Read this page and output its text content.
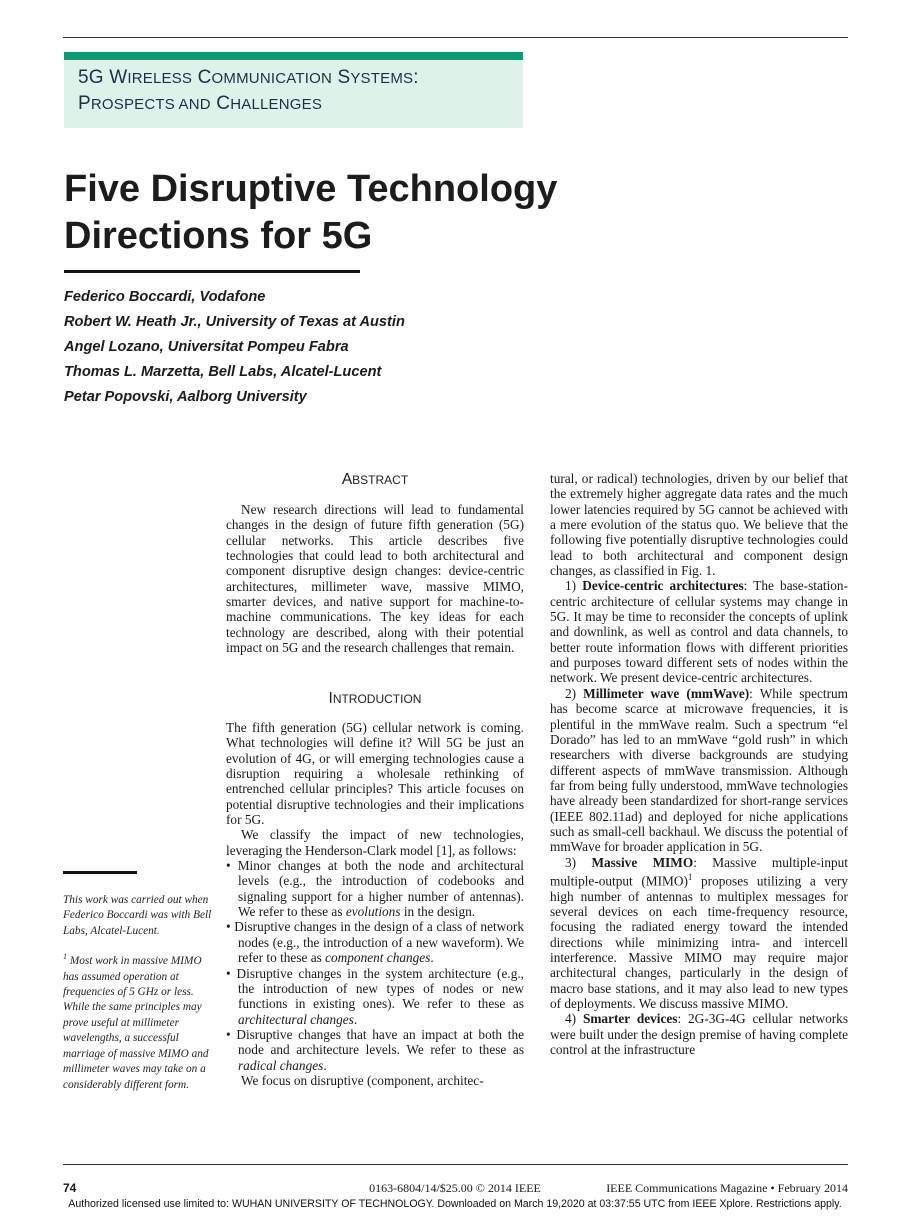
5G WIRELESS COMMUNICATION SYSTEMS:
PROSPECTS AND CHALLENGES
Five Disruptive Technology
Directions for 5G
Federico Boccardi, Vodafone
Robert W. Heath Jr., University of Texas at Austin
Angel Lozano, Universitat Pompeu Fabra
Thomas L. Marzetta, Bell Labs, Alcatel-Lucent
Petar Popovski, Aalborg University
ABSTRACT

New research directions will lead to fundamental changes in the design of future fifth generation (5G) cellular networks. This article describes five technologies that could lead to both architectural and component disruptive design changes: device-centric architectures, millimeter wave, massive MIMO, smarter devices, and native support for machine-to-machine communications. The key ideas for each technology are described, along with their potential impact on 5G and the research challenges that remain.

INTRODUCTION

The fifth generation (5G) cellular network is coming. What technologies will define it? Will 5G be just an evolution of 4G, or will emerging technologies cause a disruption requiring a wholesale rethinking of entrenched cellular principles? This article focuses on potential disruptive technologies and their implications for 5G.

We classify the impact of new technologies, leveraging the Henderson-Clark model [1], as follows:

• Minor changes at both the node and architectural levels (e.g., the introduction of codebooks and signaling support for a higher number of antennas). We refer to these as evolutions in the design.

• Disruptive changes in the design of a class of network nodes (e.g., the introduction of a new waveform). We refer to these as component changes.

• Disruptive changes in the system architecture (e.g., the introduction of new types of nodes or new functions in existing ones). We refer to these as architectural changes.

• Disruptive changes that have an impact at both the node and architecture levels. We refer to these as radical changes.

We focus on disruptive (component, architec-

tural, or radical) technologies, driven by our belief that the extremely higher aggregate data rates and the much lower latencies required by 5G cannot be achieved with a mere evolution of the status quo. We believe that the following five potentially disruptive technologies could lead to both architectural and component design changes, as classified in Fig. 1.

1) Device-centric architectures: The base-station-centric architecture of cellular systems may change in 5G. It may be time to reconsider the concepts of uplink and downlink, as well as control and data channels, to better route information flows with different priorities and purposes toward different sets of nodes within the network. We present device-centric architectures.

2) Millimeter wave (mmWave): While spectrum has become scarce at microwave frequencies, it is plentiful in the mmWave realm. Such a spectrum “el Dorado” has led to an mmWave “gold rush” in which researchers with diverse backgrounds are studying different aspects of mmWave transmission. Although far from being fully understood, mmWave technologies have already been standardized for short-range services (IEEE 802.11ad) and deployed for niche applications such as small-cell backhaul. We discuss the potential of mmWave for broader application in 5G.

3) Massive MIMO: Massive multiple-input multiple-output (MIMO)$^1$ proposes utilizing a very high number of antennas to multiplex messages for several devices on each time-frequency resource, focusing the radiated energy toward the intended directions while minimizing intra- and intercell interference. Massive MIMO may require major architectural changes, particularly in the design of macro base stations, and it may also lead to new types of deployments. We discuss massive MIMO.

4) Smarter devices: 2G-3G-4G cellular networks were built under the design premise of having complete control at the infrastructure

This work was carried out when Federico Boccardi was with Bell Labs, Alcatel-Lucent.

$^1$ Most work in massive MIMO has assumed operation at frequencies of 5 GHz or less. While the same principles may prove useful at millimeter wavelengths, a successful marriage of massive MIMO and millimeter waves may take on a considerably different form.

0163-6804/14/$25.00 © 2014 IEEE
74	IEEE Communications Magazine • February 2014
Authorized licensed use limited to: WUHAN UNIVERSITY OF TECHNOLOGY. Downloaded on March 19,2020 at 03:37:55 UTC from IEEE Xplore. Restrictions apply.
